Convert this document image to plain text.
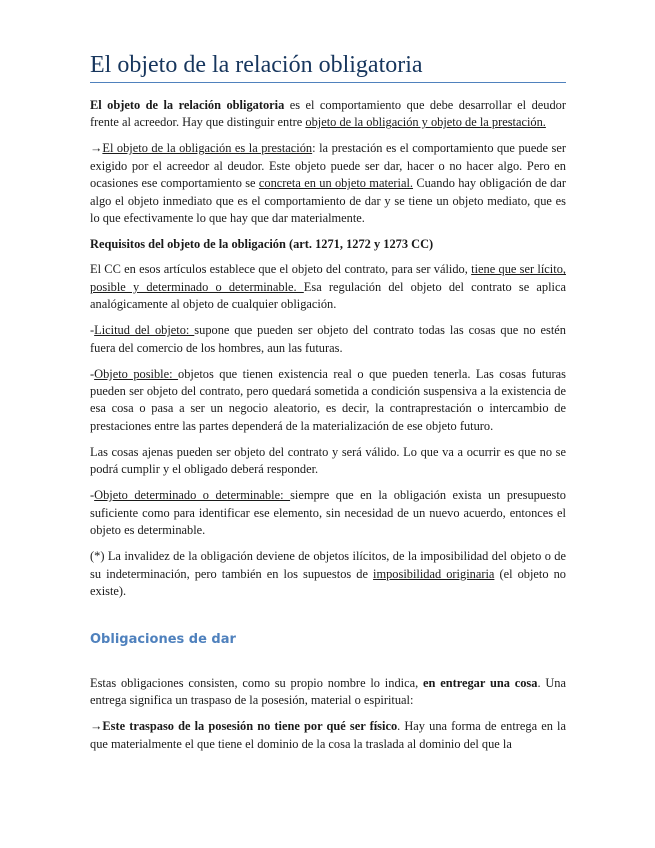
El objeto de la relación obligatoria

El objeto de la relación obligatoria es el comportamiento que debe desarrollar el deudor frente al acreedor. Hay que distinguir entre objeto de la obligación y objeto de la prestación.

→El objeto de la obligación es la prestación: la prestación es el comportamiento que puede ser exigido por el acreedor al deudor. Este objeto puede ser dar, hacer o no hacer algo. Pero en ocasiones ese comportamiento se concreta en un objeto material. Cuando hay obligación de dar algo el objeto inmediato que es el comportamiento de dar y se tiene un objeto mediato, que es lo que efectivamente lo que hay que dar materialmente.

Requisitos del objeto de la obligación (art. 1271, 1272 y 1273 CC)

El CC en esos artículos establece que el objeto del contrato, para ser válido, tiene que ser lícito, posible y determinado o determinable. Esa regulación del objeto del contrato se aplica analógicamente al objeto de cualquier obligación.

-Licitud del objeto: supone que pueden ser objeto del contrato todas las cosas que no estén fuera del comercio de los hombres, aun las futuras.

-Objeto posible: objetos que tienen existencia real o que pueden tenerla. Las cosas futuras pueden ser objeto del contrato, pero quedará sometida a condición suspensiva a la existencia de esa cosa o pasa a ser un negocio aleatorio, es decir, la contraprestación o intercambio de prestaciones entre las partes dependerá de la materialización de ese objeto futuro.

Las cosas ajenas pueden ser objeto del contrato y será válido. Lo que va a ocurrir es que no se podrá cumplir y el obligado deberá responder.

-Objeto determinado o determinable: siempre que en la obligación exista un presupuesto suficiente como para identificar ese elemento, sin necesidad de un nuevo acuerdo, entonces el objeto es determinable.

(*) La invalidez de la obligación deviene de objetos ilícitos, de la imposibilidad del objeto o de su indeterminación, pero también en los supuestos de imposibilidad originaria (el objeto no existe).

Obligaciones de dar

Estas obligaciones consisten, como su propio nombre lo indica, en entregar una cosa. Una entrega significa un traspaso de la posesión, material o espiritual:

→Este traspaso de la posesión no tiene por qué ser físico. Hay una forma de entrega en la que materialmente el que tiene el dominio de la cosa la traslada al dominio del que la
